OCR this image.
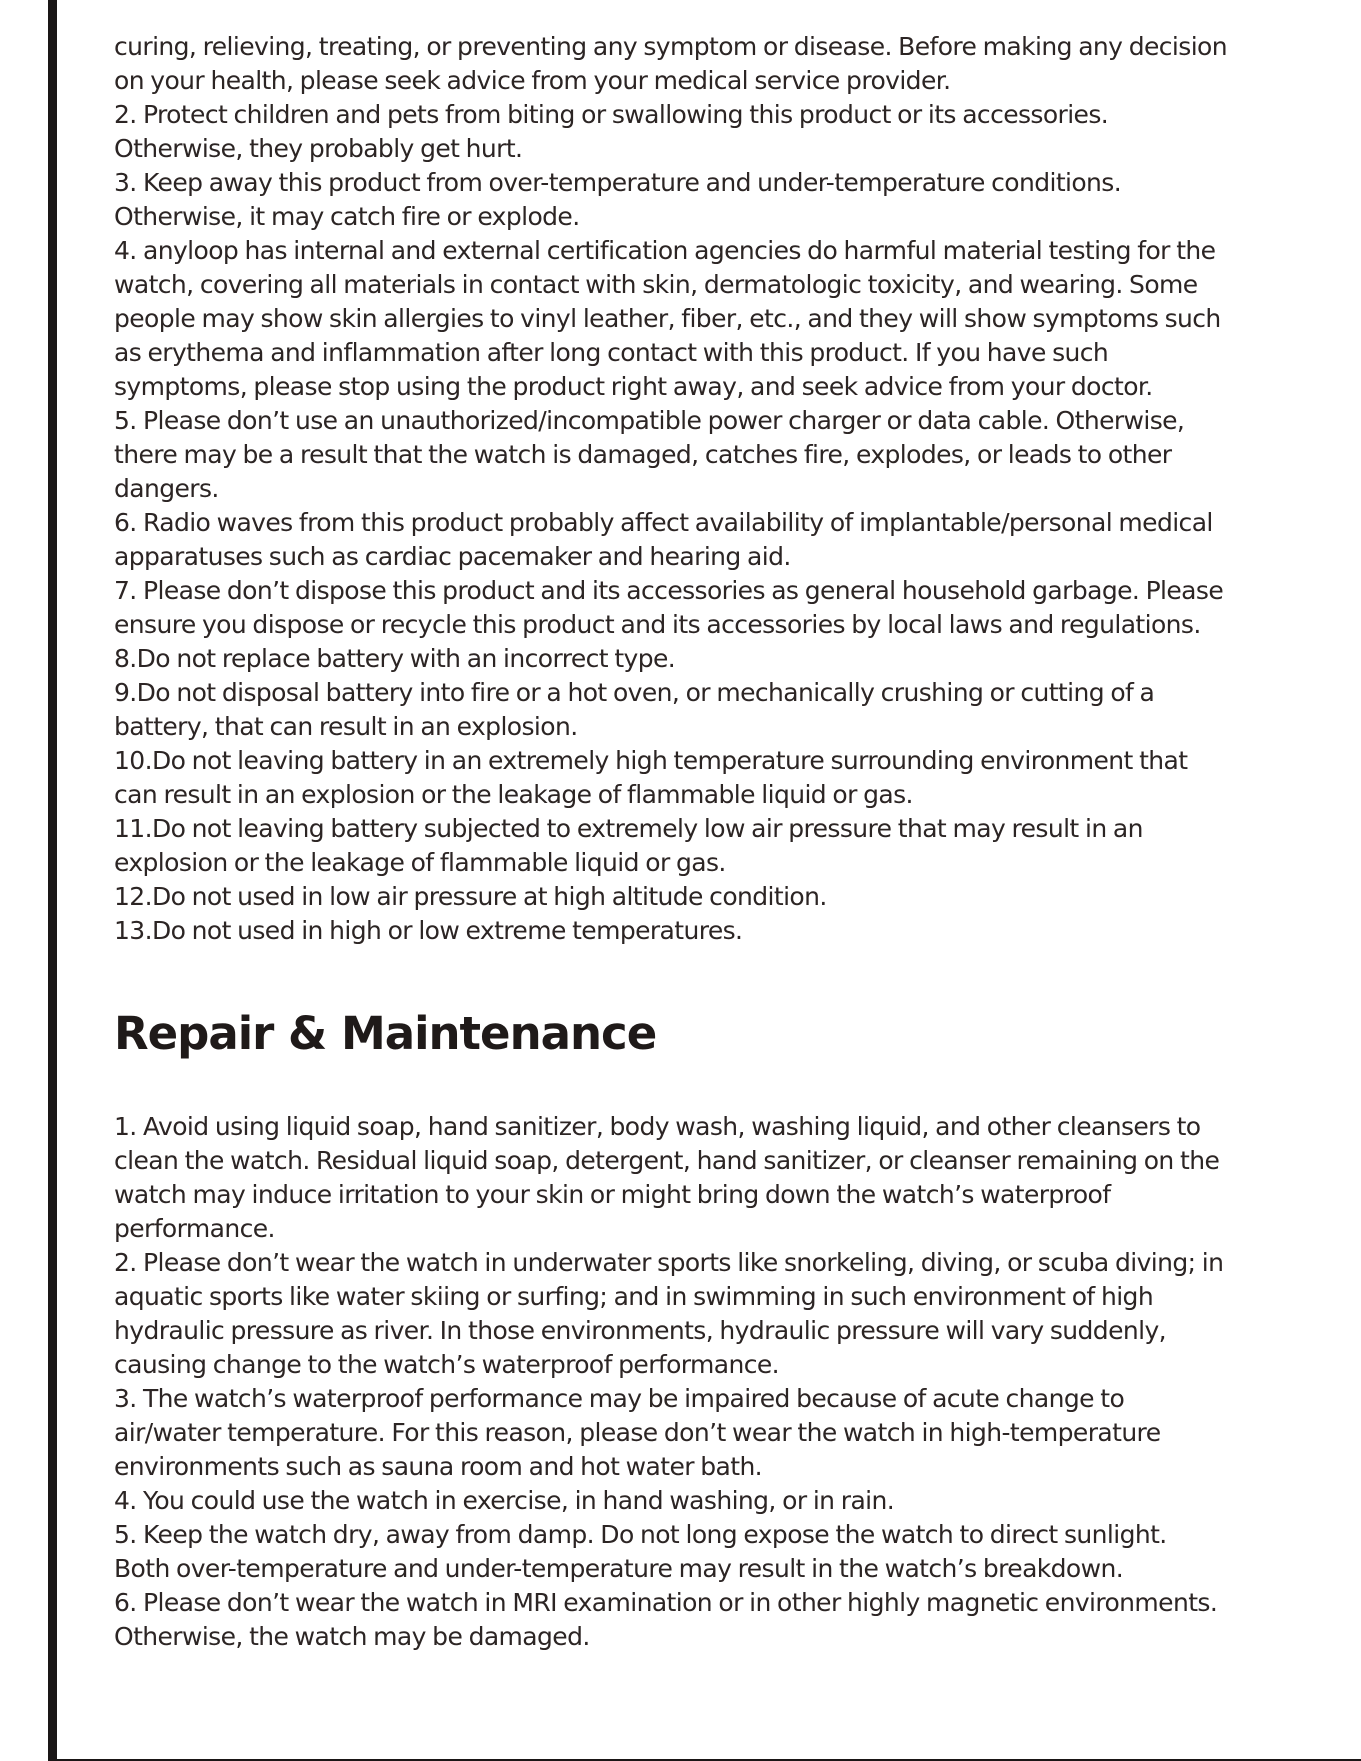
curing, relieving, treating, or preventing any symptom or disease. Before making any decision

on your health, please seek advice from your medical service provider.

2. Protect children and pets from biting or swallowing this product or its accessories.

Otherwise, they probably get hurt.

3. Keep away this product from over-temperature and under-temperature conditions.

Otherwise, it may catch fire or explode.

4. anyloop has internal and external certification agencies do harmful material testing for the

watch, covering all materials in contact with skin, dermatologic toxicity, and wearing. Some

people may show skin allergies to vinyl leather, fiber, etc., and they will show symptoms such

as erythema and inflammation after long contact with this product. If you have such

symptoms, please stop using the product right away, and seek advice from your doctor.

5. Please don’t use an unauthorized/incompatible power charger or data cable. Otherwise,

there may be a result that the watch is damaged, catches fire, explodes, or leads to other

dangers.

6. Radio waves from this product probably affect availability of implantable/personal medical

apparatuses such as cardiac pacemaker and hearing aid.

7. Please don’t dispose this product and its accessories as general household garbage. Please

ensure you dispose or recycle this product and its accessories by local laws and regulations.

8.Do not replace battery with an incorrect type.

9.Do not disposal battery into fire or a hot oven, or mechanically crushing or cutting of a

battery, that can result in an explosion.

10.Do not leaving battery in an extremely high temperature surrounding environment that

can result in an explosion or the leakage of flammable liquid or gas.

11.Do not leaving battery subjected to extremely low air pressure that may result in an

explosion or the leakage of flammable liquid or gas.

12.Do not used in low air pressure at high altitude condition.

13.Do not used in high or low extreme temperatures.

Repair & Maintenance

1. Avoid using liquid soap, hand sanitizer, body wash, washing liquid, and other cleansers to

clean the watch. Residual liquid soap, detergent, hand sanitizer, or cleanser remaining on the

watch may induce irritation to your skin or might bring down the watch’s waterproof

performance.

2. Please don’t wear the watch in underwater sports like snorkeling, diving, or scuba diving; in

aquatic sports like water skiing or surfing; and in swimming in such environment of high

hydraulic pressure as river. In those environments, hydraulic pressure will vary suddenly,

causing change to the watch’s waterproof performance.

3. The watch’s waterproof performance may be impaired because of acute change to

air/water temperature. For this reason, please don’t wear the watch in high-temperature

environments such as sauna room and hot water bath.

4. You could use the watch in exercise, in hand washing, or in rain.

5. Keep the watch dry, away from damp. Do not long expose the watch to direct sunlight.

Both over-temperature and under-temperature may result in the watch’s breakdown.

6. Please don’t wear the watch in MRI examination or in other highly magnetic environments.

Otherwise, the watch may be damaged.
